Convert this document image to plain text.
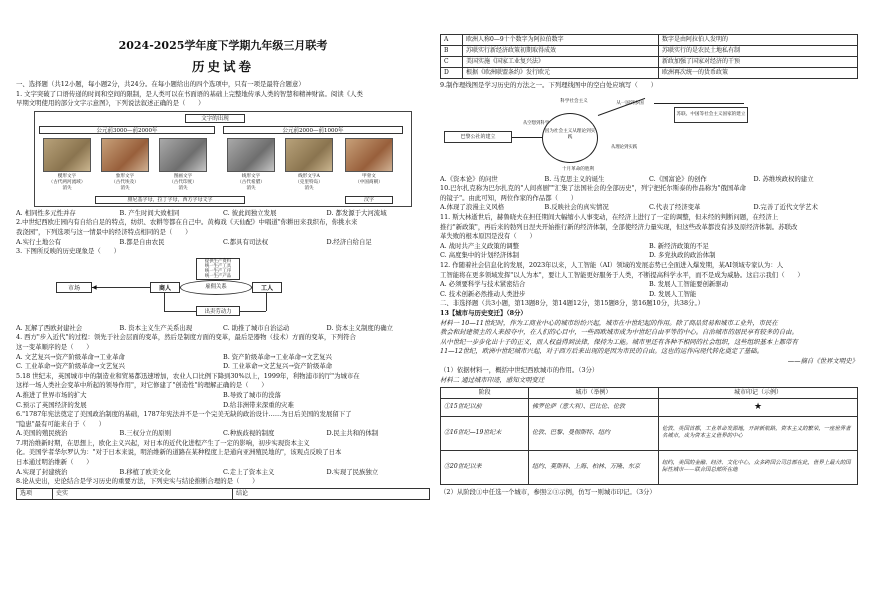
2024-2025学年度下学期九年级三月联考
历史试卷
一、选择题（共12小题，每小题2分，共24分。在每小题给出的四个选项中，只有一项是最符合题意）
1. 文字突破了口语传递的时间和空间的限制，是人类可以在书面语的基础上完整地传承人类的智慧和精神财富。阅读《人类
早期文明使用的部分文字示意图》，下列说法叙述正确的是（　　）
文字的出现
公元前3000—前2000年	公元前2000—前1000年
楔形文字
（古代两河流域）
消失
象形文字
（古代埃及）
消失
图画文字
（古代印度）
消失
线形文字
（古代希腊）
消失
线形文字A
（克里特岛）
消失
甲骨文
（中国商朝）
腓尼基字母，拉丁字母，西方字母文字	汉字
A. 相同性多元性并存	B. 产生时间大致相同	C. 彼此间独立发展	D. 都发源于大河流域
2.中世纪西欧庄园内有自给自足的特点，纺织、农耕等都在自己中。黄梅戏《天仙配》中唱道"你耕田来我织布，你挑水来
我浇园"，下列选项与这一情景中的经济特点相同的是（　　）
A.实行土地公有	B.都是自由农民	C.都具有司法权	D.经济自给自足
3. 下图所反映的历史现象是（　　）
市场	◀	商人	工人
雇佣关系
提供生产资料
统一生产工具
统一生产工序
统一生产产品
出卖劳动力
A. 瓦解了西欧封建社会	B. 资本主义生产关系出现	C. 助推了城市自治运动	D. 资本主义制度的确立
4. 西方"步入近代"的过程：领先于社会层面的变革，然后是制度方面的变革，最后是器物（技术）方面的变革，下列符合
这一变革顺序的是（　　）
A. 文艺复兴→资产阶级革命→工业革命	B. 资产阶级革命→工业革命→文艺复兴
C. 工业革命→资产阶级革命→文艺复兴	D. 工业革命→文艺复兴→资产阶级革命
5.18 世纪末，英国城市中的制造业和贸易都迅速增加，农业人口比例下降到30%以上，1999年，利物浦市的厅"为城市在
这样一场人类社会变革中所起的领导作用"，对它修建了"创造性"的理解正确的是（　　）
A.推进了世界市场的扩大	B.导致了城市的没落
C.预示了英国经济的发展	D.给非洲带来深重的灾难
6."1787年宪法奠定了美国政治制度的基础，1787年宪法并不是一个完美无缺的政治设计……为日后美国的发展留下了
"隐患"最有可能来自于（　　）
A.美国的殖民统治	B.三权分立的原则	C.种族歧视的制度	D.民主共和的体制
7.明治维新时期，在思想上，欧化主义兴起，对日本的近代化进程产生了一定的影响，初步实现资本主义
化。美国学者华尔罗认为："对于日本来说，明治维新的道路在某种程度上是通向亚洲殖民地的"，该观点反映了日本
日本通过明治维新（　　）
A.实现了封建统治	B.移植了欧美文化	C.走上了资本主义	D.实现了民族独立
8.论从史出，史论结合是学习历史的重要方法，下列史实与结论推断合理的是（　　）
选项	史实	结论
A	欧洲人称0—9十个数字为阿拉伯数字	数字是由阿拉伯人发明的
B	苏联实行新经济政策初期取得成效	苏联实行的是农民土地私有制
C	美国实施《国家工业复兴法》	新政加强了国家对经济的干预
D	根据《欧洲联盟条约》发行欧元	欧洲再次统一的货币政策
9.制作理线图是学习历史的方法之一。下列理线图中的空白处应填写（　　）
巴黎公社的建立
因为社会主义从理论到实践
科学社会主义
从空想到科学
从理论到实践
十月革命的胜利
从一国到多国
苏联、中国等社会主义国家的建立
A.《资本论》的问世	B. 马克思主义的诞生	C.《国富论》的创作	D. 苏维埃政权的建立
10.巴尔扎克称为巴尔扎克的"人间喜剧""汇集了法国社会的全部历史"，列宁把托尔斯泰的作品称为"俄国革命
的镜子"。由此可知，两位作家的作品都（　　）
A.体现了浪漫主义风格	B.反映社会的真实情况	C.代表了经济变革	D.完善了近代文学艺术
11. 斯大林逝世后，赫鲁晓夫在担任期间大幅缩小人事变动，在经济上进行了一定的调整，但未经的判断问题，在经济上
推行"新政策"，再后来的勃列日涅夫开始推行新的经济体制，全部使经济力量实现，但这些改革都没有涉及原经济体制。苏联改
革失败的根本原因是没有（　　）
A. 战时共产主义政策的调整	B. 新经济政策的不足
C. 高度集中的计划经济体制	D. 多党执政的政治体制
12. 作随着社会信息化的发展，2023年以来，人工智能（AI）领域的发展态势已全面进入爆发期，某AI领域专家认为：人
工智能将在更多领域发挥"以人为本"，要让人工智能更好服务于人类，不断提高科学水平，而不是成为威胁。这启示我们（　　）
A. 必须要科学与技术紧密结合	B. 发展人工智能要创新驱动
C. 技术创新必然推动人类进步	D. 发展人工智能
二、非选择题（共3小题，第13题8分，第14题12分，第15题8分，第16题10分，共38分。）
13【城市与历史变迁】（8分）
材料一 10—11世纪时，作为工商业中心的城市纷纷兴起，城市在中世纪起的作用。除了商品贸易和城市工业外，市民在
教会和封建领主的人来掠夺中，在人们的心目中，一些西欧城市成为中世纪自由平等的中心。自治城市的居民享有较多的自由。
从中世纪一步步化出十子的正义，而人权益得到法律，保持为工能。城市里还有各种不相同的社会组织，这些组织基本上都带有
11—12世纪，欧洲中世纪城市兴起，对于西方后来出现的是因为市民的自由。这也的运作向现代转化奠定了基础。
——摘自《世界文明史》
（1）依据材料一，概括中世纪西欧城市的作用。（3分）
材料二 通过城市印迹，感知文明变迁
阶段	城市（举例）	城市印记（示例）
①15世纪以前	佛罗伦萨（意大利）、巴比伦、伦敦	★
②16世纪—19世纪末	伦敦、巴黎、曼彻斯特、纽约	伦敦、英国首都，工业革命发源地，开辟新航路，资本主义的繁荣，一座世界著名城市，成为资本主义世界的中心
③20世纪以来	纽约、莫斯科、上海、柏林、万隆、东京	纽约，美国的金融、经济、文化中心，众多跨国公司总部在此，世界上最大的国际性城市——联合国总部所在地
（2）从阶段①中任选一个城市，参照②③示例，仿写一则城市印记。（3分）
